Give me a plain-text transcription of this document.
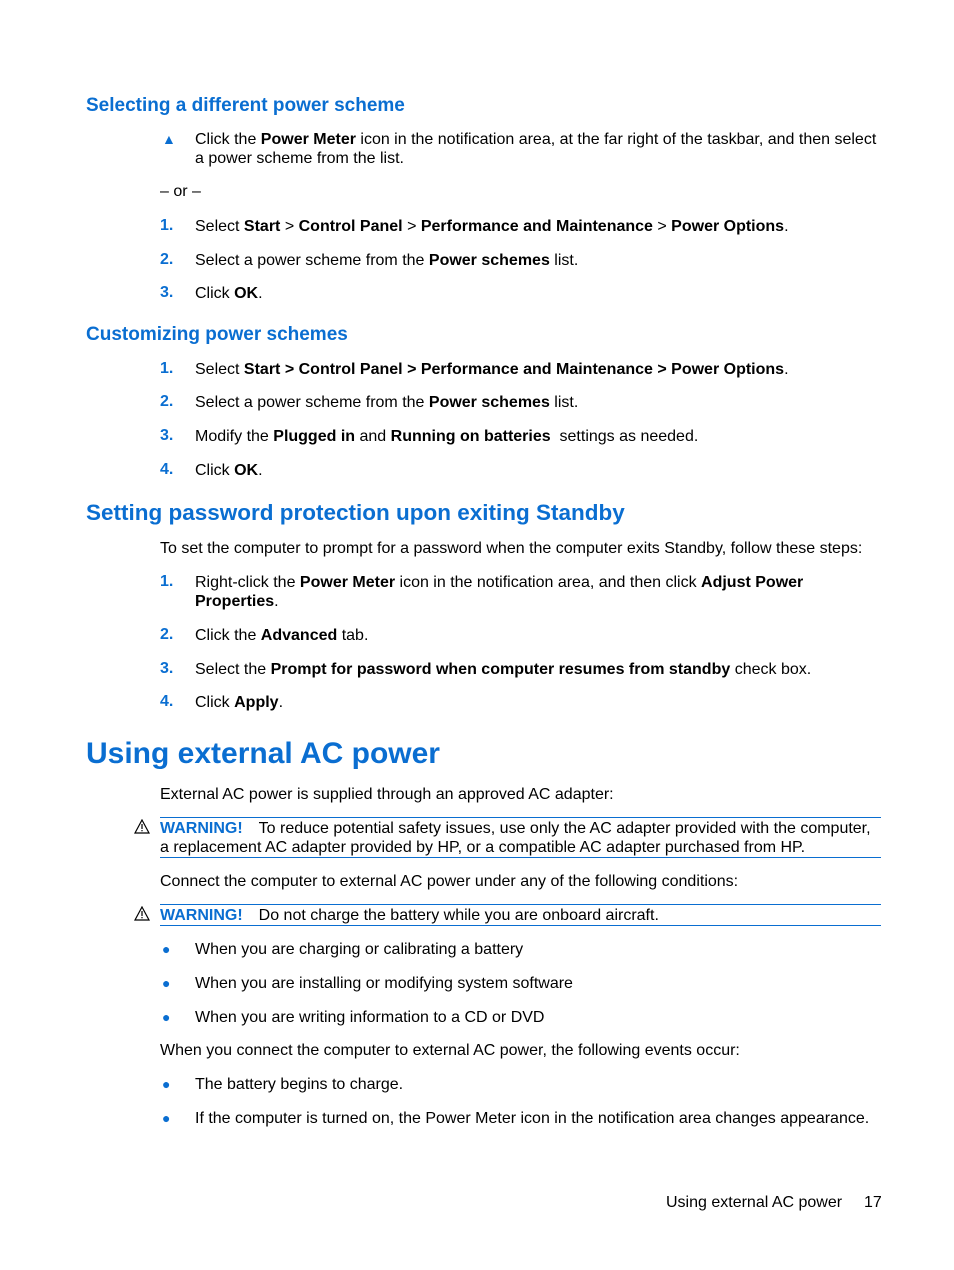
Selecting a different power scheme
▲ Click the Power Meter icon in the notification area, at the far right of the taskbar, and then select
a power scheme from the list.
– or –
1.	Select Start > Control Panel > Performance and Maintenance > Power Options.
2.	Select a power scheme from the Power schemes list.
3.	Click OK.
Customizing power schemes
1.	Select Start > Control Panel > Performance and Maintenance > Power Options.
2.	Select a power scheme from the Power schemes list.
3.	Modify the Plugged in and Running on batteries  settings as needed.
4.	Click OK.
Setting password protection upon exiting Standby
To set the computer to prompt for a password when the computer exits Standby, follow these steps:
1.	Right-click the Power Meter icon in the notification area, and then click Adjust Power
Properties.
2.	Click the Advanced tab.
3.	Select the Prompt for password when computer resumes from standby check box.
4.	Click Apply.
Using external AC power
External AC power is supplied through an approved AC adapter:
WARNING! To reduce potential safety issues, use only the AC adapter provided with the computer,
a replacement AC adapter provided by HP, or a compatible AC adapter purchased from HP.
Connect the computer to external AC power under any of the following conditions:
WARNING! Do not charge the battery while you are onboard aircraft.
● When you are charging or calibrating a battery
● When you are installing or modifying system software
● When you are writing information to a CD or DVD
When you connect the computer to external AC power, the following events occur:
● The battery begins to charge.
● If the computer is turned on, the Power Meter icon in the notification area changes appearance.
Using external AC power 17
